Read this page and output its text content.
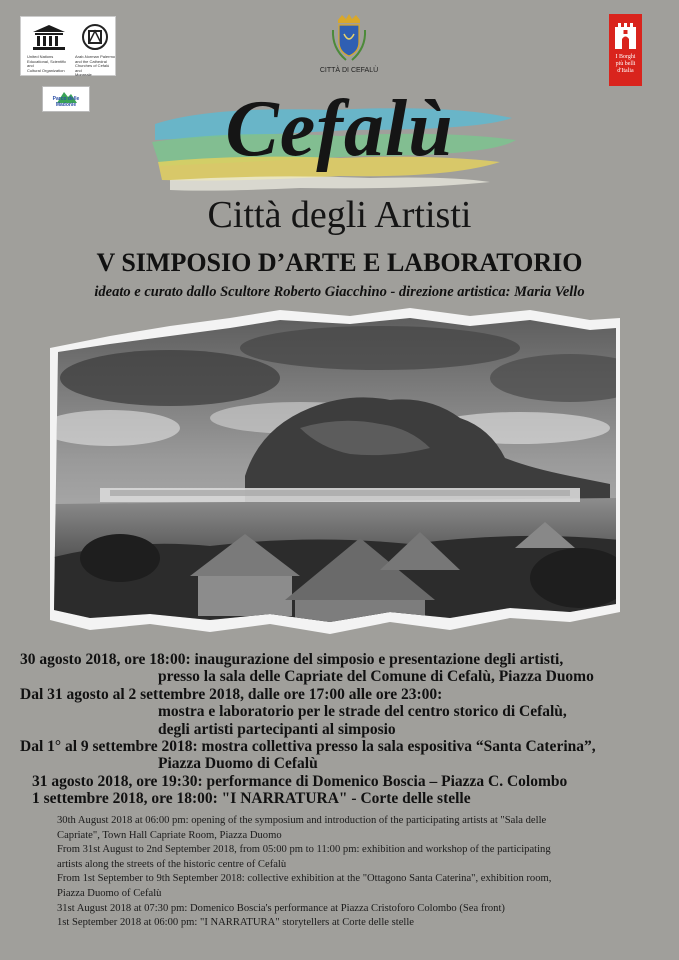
United Nations
Educational, Scientific and
Cultural Organization
Arab-Norman Palermo
and the Cathedral
Churches of Cefalù and
Monreale
Parco delle Madonie
CITTÀ DI CEFALÙ
I Borghi
più belli
d'Italia
Cefalù
Città degli Artisti
V SIMPOSIO D’ARTE E LABORATORIO
ideato e curato dallo Scultore Roberto Giacchino - direzione artistica: Maria Vello
30 agosto 2018, ore 18:00: inaugurazione del simposio e presentazione degli artisti,
presso la sala delle Capriate del Comune di Cefalù, Piazza Duomo
Dal 31 agosto al 2 settembre 2018, dalle ore 17:00 alle ore 23:00:
mostra e laboratorio per le strade del centro storico di Cefalù,
degli artisti partecipanti al simposio
Dal 1° al 9 settembre 2018: mostra collettiva presso la sala espositiva “Santa Caterina”,
Piazza Duomo di Cefalù
31 agosto 2018, ore 19:30: performance di Domenico Boscia – Piazza C. Colombo
1 settembre 2018, ore 18:00: "I NARRATURA" - Corte delle stelle
30th August 2018 at 06:00 pm: opening of the symposium and introduction of the participating artists at "Sala delle
Capriate", Town Hall Capriate Room, Piazza Duomo
From 31st August to 2nd September 2018, from 05:00 pm to 11:00 pm: exhibition and workshop of the participating
artists along the streets of the historic centre of Cefalù
From 1st September to 9th September 2018: collective exhibition at the "Ottagono Santa Caterina", exhibition room,
Piazza Duomo of Cefalù
31st August 2018 at 07:30 pm: Domenico Boscia's performance at Piazza Cristoforo Colombo (Sea front)
1st September 2018 at 06:00 pm: "I NARRATURA" storytellers at Corte delle stelle
